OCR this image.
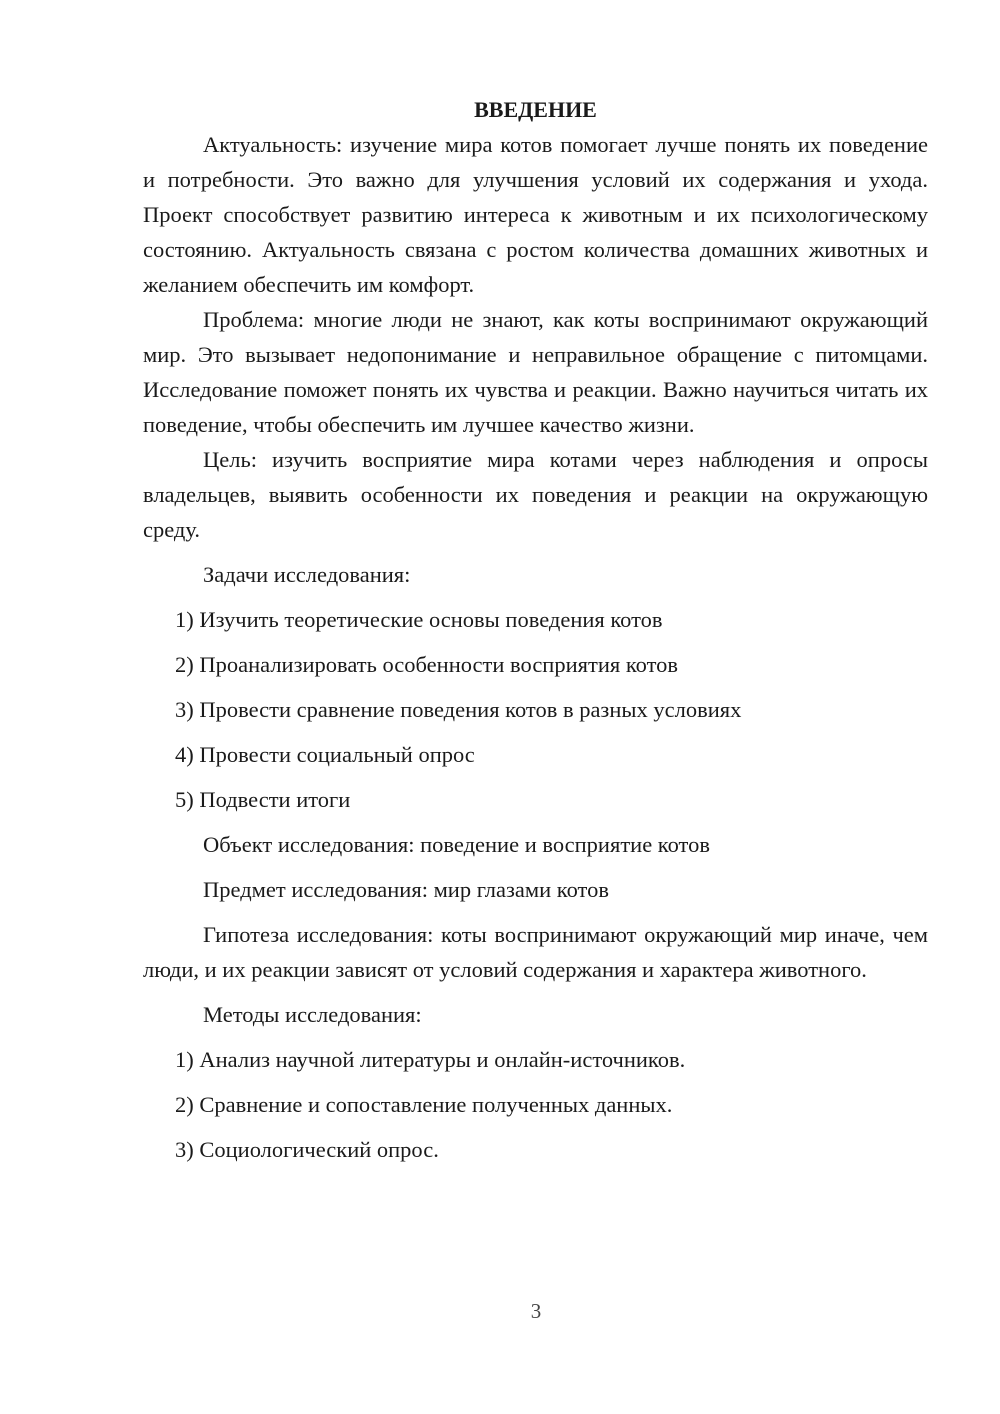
ВВЕДЕНИЕ

Актуальность: изучение мира котов помогает лучше понять их поведение и потребности. Это важно для улучшения условий их содержания и ухода. Проект способствует развитию интереса к животным и их психологическому состоянию. Актуальность связана с ростом количества домашних животных и желанием обеспечить им комфорт.

Проблема: многие люди не знают, как коты воспринимают окружающий мир. Это вызывает недопонимание и неправильное обращение с питомцами. Исследование поможет понять их чувства и реакции. Важно научиться читать их поведение, чтобы обеспечить им лучшее качество жизни.

Цель: изучить восприятие мира котами через наблюдения и опросы владельцев, выявить особенности их поведения и реакции на окружающую среду.

Задачи исследования:

1) Изучить теоретические основы поведения котов
2) Проанализировать особенности восприятия котов
3) Провести сравнение поведения котов в разных условиях
4) Провести социальный опрос
5) Подвести итоги

Объект исследования: поведение и восприятие котов

Предмет исследования: мир глазами котов

Гипотеза исследования: коты воспринимают окружающий мир иначе, чем люди, и их реакции зависят от условий содержания и характера животного.

Методы исследования:

1) Анализ научной литературы и онлайн-источников.
2) Сравнение и сопоставление полученных данных.
3) Социологический опрос.
3
